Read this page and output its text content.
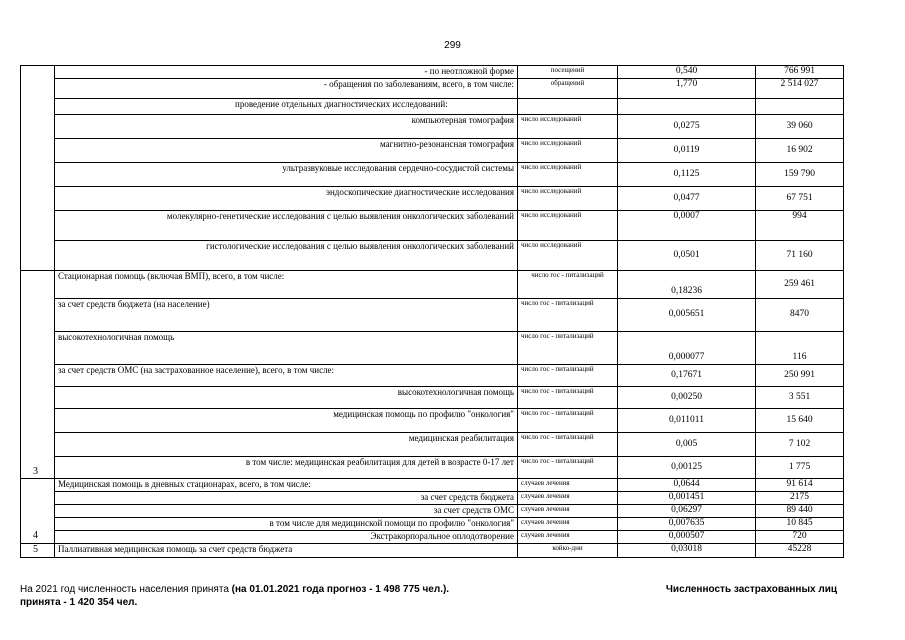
299
	- по неотложной форме	посещений	0,540	766 991
	- обращения по заболеваниям, всего, в том числе:	обращений	1,770	2 514 027
	проведение отдельных диагностических исследований:			
	компьютерная томография	число исследований	0,0275	39 060
	магнитно-резонансная томография	число исследований	0,0119	16 902
	ультразвуковые исследования сердечно-сосудистой системы	число исследований	0,1125	159 790
	эндоскопические диагностические исследования	число исследований	0,0477	67 751
	молекулярно-генетические исследования с целью выявления онкологических заболеваний	число исследований	0,0007	994
	гистологические исследования с целью выявления онкологических заболеваний	число исследований	0,0501	71 160
3	Стационарная помощь (включая ВМП), всего, в том числе:	число гос - питализаций	0,18236	259 461
	за счет средств бюджета (на население)	число гос - питализаций	0,005651	8470
	высокотехнологичная помощь	число гос - питализаций	0,000077	116
	за счет средств ОМС (на застрахованное население), всего, в том числе:	число гос - питализаций	0,17671	250 991
	высокотехнологичная помощь	число гос - питализаций	0,00250	3 551
	медицинская помощь по профилю "онкология"	число гос - питализаций	0,011011	15 640
	медицинская реабилитация	число гос - питализаций	0,005	7 102
	в том числе: медицинская реабилитация для детей в возрасте 0-17 лет	число гос - питализаций	0,00125	1 775
4	Медицинская помощь в дневных стационарах, всего, в том числе:	случаев лечения	0,0644	91 614
	за счет средств бюджета	случаев лечения	0,001451	2175
	за счет средств ОМС	случаев лечения	0,06297	89 440
	в том числе для медицинской помощи по профилю "онкология"	случаев лечения	0,007635	10 845
	Экстракорпоральное оплодотворение	случаев лечения	0,000507	720
5	Паллиативная медицинская помощь за счет средств бюджета	койко-дни	0,03018	45228
На 2021 год численность населения принята (на 01.01.2021 года прогноз - 1 498 775 чел.).	Численность застрахованных лиц
принята - 1 420 354 чел.
